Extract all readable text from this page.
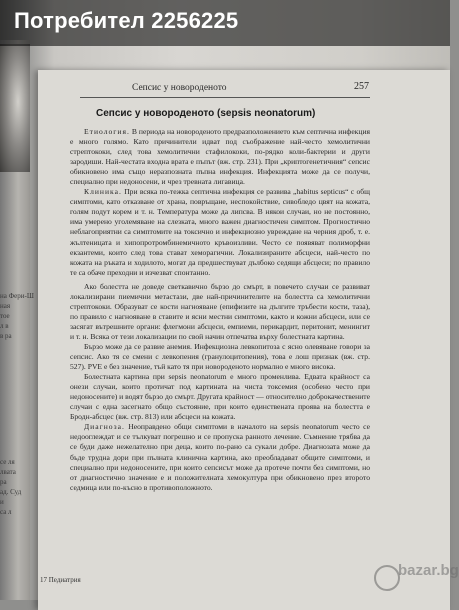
на Фери-Ш
ная
тое
л в
в ра
се ля
лвата
ра
ад. Суд
и
са л
Сепсис у новороденото	257
Сепсис у новороденото (sepsis neonatorum)

Етиология. В периода на новороденото предразположението към септична инфекция е много голямо. Като причинители идват под съображение най-често хемолитични стрептококи, след това хемолитични стафилококи, по-рядко коли-бактерии и други зародиши. Най-честата входна врата е пъпът (вж. стр. 231). При „криптогенетичния“ сепсис обикновено има също неразпозната пъпна инфекция. Инфекцията може да се получи, специално при недоносени, и чрез тревната лигавица.

Клиника. При всяка по-тежка септична инфекция се развива „habitus septicus“ с общ симптоми, като отказване от храна, повръщане, неспокойствие, сивобледо цвят на кожата, голям подут корем и т. н. Температура може да липсва. В някои случаи, но не постоянно, има умерено уголемяване на слезката, много важен диагностичен симптом. Прогностично неблагоприятни са симптомите на токсично и инфекциозно увреждане на черния дроб, т. е. жълтеницата и хипопротромбинемичното кръвоизливи. Често се появяват полиморфни екзантеми, които след това стават хеморагични. Локализираните абсцеси, най-често по кожата на ръката и ходилото, могат да предшествуват дълбоко седящи абсцеси; по правило те са обаче преходни и изчезват спонтанно.

Ако болестта не доведе светкавично бързо до смърт, в повечето случаи се развиват локализирани пиемични метастази, две най-причинителите на болестта са хемолитични стрептококи. Образуват се кости нагнояване (епифизите на дългите тръбести кости, таза), по правило с нагнояване в ставите и ясни местни симптоми, както и кожни абсцеси, или се засягат вътрешните органи: флегмони абсцеси, емпиеми, перикардит, перитонит, менингит и т. н. Всяка от тези локализации по свой начин отпечатва върху болестната картина.

Бързо може да се развие анемия. Инфекциозна левкопитоза с ясно олевяване говори за сепсис. Ако тя се смени с левкопения (гранулоцитопения), това е лош признак (вж. стр. 527). PVE е без значение, тъй като тя при новороденото нормално е много висока.

Болестната картина при sepsis neonatorum е много променлива. Едвата крайност са онези случаи, които протичат под картината на чиста токсемия (особено често при недоносените) и водят бързо до смърт. Другата крайност — относително доброкачествените случаи с една засегнато общо състояние, при които единствената проява на болестта е Бродн-абсцес (вж. стр. 813) или абсцеси на кожата.

Диагноза. Неоправдено общи симптоми в началото на sepsis neonatorum често се недооглеждат и се тълкуват погрешно и се пропуска ранното лечение. Съмнение трябва да се буди даже нежелателно при деца, които по-рано са сукали добре. Диагнозата може да бъде трудна дори при пълната клинична картина, ако преобладават общите симптоми, и специално при недоносените, при които сепсисът може да протече почти без симптоми, но от диагностично значение е и положителната хемокултура при обикновено през второто седмица или по-късно в противоположното.

17 Педиатрия
Потребител 2256225
bazar.bg
